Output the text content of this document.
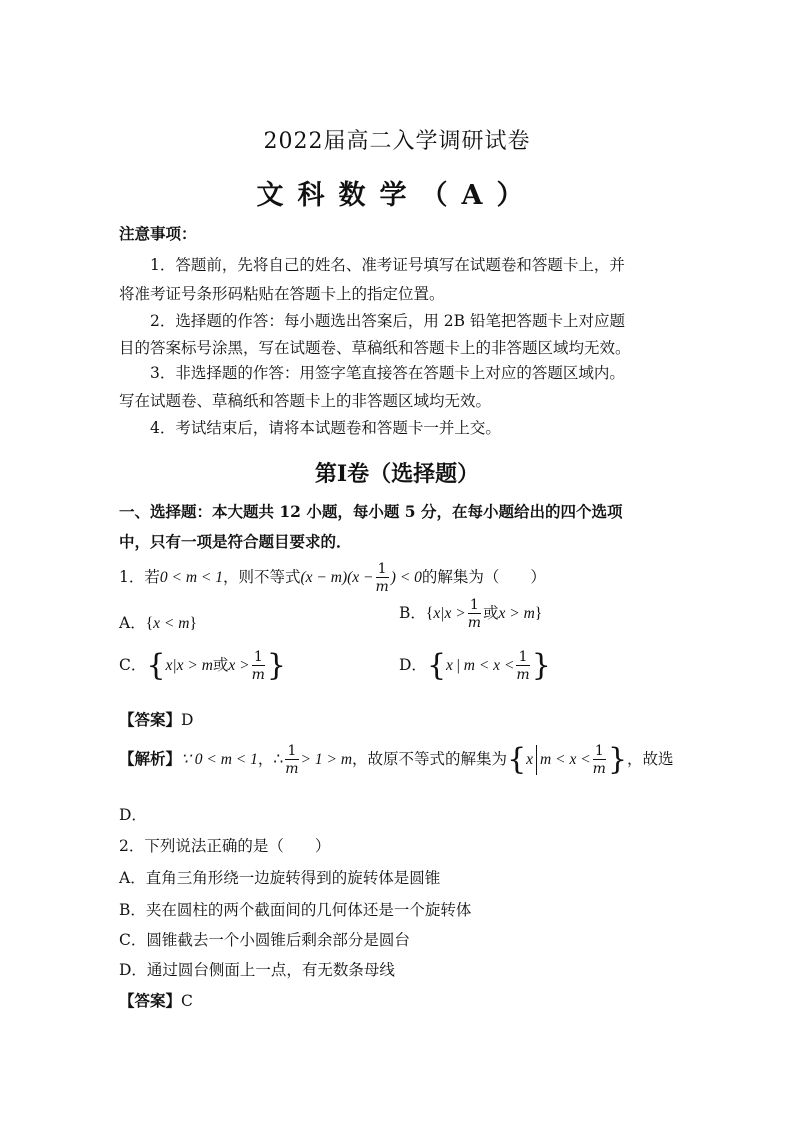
2022届高二入学调研试卷
文科数学（A）
注意事项：
1．答题前，先将自己的姓名、准考证号填写在试题卷和答题卡上，并
将准考证号条形码粘贴在答题卡上的指定位置。
2．选择题的作答：每小题选出答案后，用 2B 铅笔把答题卡上对应题
目的答案标号涂黑，写在试题卷、草稿纸和答题卡上的非答题区域均无效。
3．非选择题的作答：用签字笔直接答在答题卡上对应的答题区域内。
写在试题卷、草稿纸和答题卡上的非答题区域均无效。
4．考试结束后，请将本试题卷和答题卡一并上交。
第Ⅰ卷（选择题）
一、选择题：本大题共 12 小题，每小题 5 分，在每小题给出的四个选项
中，只有一项是符合题目要求的．
1．若0 < m < 1，则不等式$(x - m)(x - \frac{1}{m}$ ) < 0的解集为（　　）
A．{x < m}
B．{$x|x > \frac{1}{m}$ 或x > m}
C．{x|x > m或$x > \frac{1}{m}$ }	D．{x | $m < x < \frac{1}{m}$ }
【答案】D
【解析】∵ 0 < m < 1，∴ $\frac{1}{m} > 1 > m$，故原不等式的解集为{x $m < x < \frac{1}{m}$ }，故选
D．
2．下列说法正确的是（　　）
A．直角三角形绕一边旋转得到的旋转体是圆锥
B．夹在圆柱的两个截面间的几何体还是一个旋转体
C．圆锥截去一个小圆锥后剩余部分是圆台
D．通过圆台侧面上一点，有无数条母线
【答案】C
